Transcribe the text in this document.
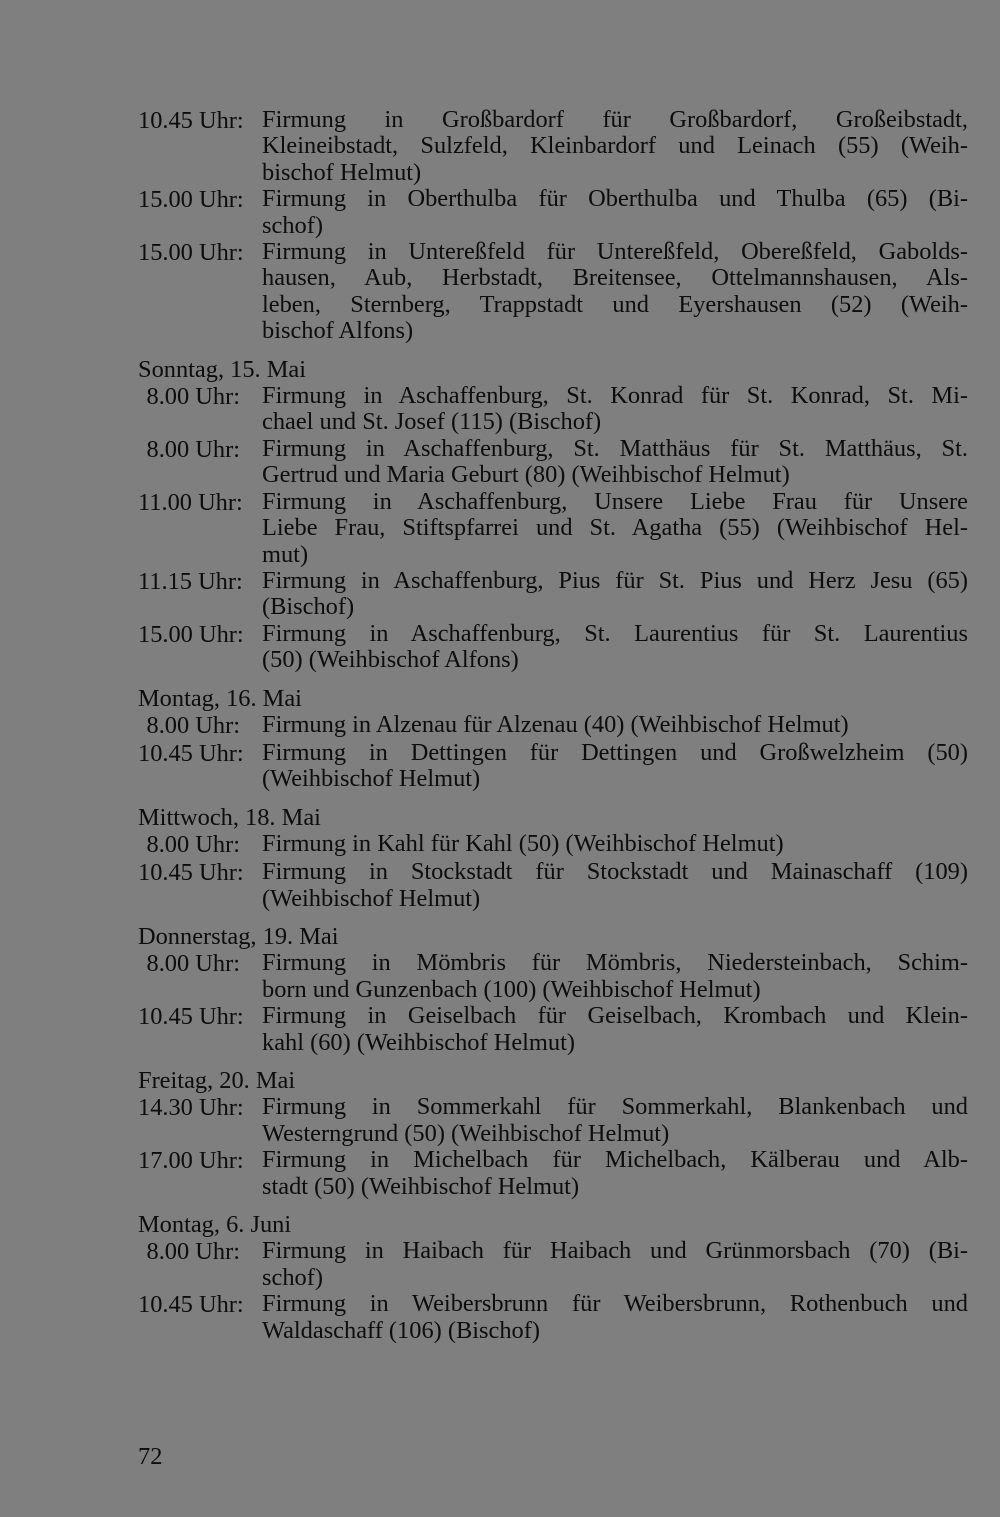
10.45 Uhr: Firmung in Großbardorf für Großbardorf, Großeibstadt,
Kleineibstadt, Sulzfeld, Kleinbardorf und Leinach (55) (Weih-
bischof Helmut)
15.00 Uhr: Firmung in Oberthulba für Oberthulba und Thulba (65) (Bi-
schof)
15.00 Uhr: Firmung in Untereßfeld für Untereßfeld, Obereßfeld, Gabolds-
hausen, Aub, Herbstadt, Breitensee, Ottelmannshausen, Als-
leben, Sternberg, Trappstadt und Eyershausen (52) (Weih-
bischof Alfons)
Sonntag, 15. Mai
8.00 Uhr: Firmung in Aschaffenburg, St. Konrad für St. Konrad, St. Mi-
chael und St. Josef (115) (Bischof)
8.00 Uhr: Firmung in Aschaffenburg, St. Matthäus für St. Matthäus, St.
Gertrud und Maria Geburt (80) (Weihbischof Helmut)
11.00 Uhr: Firmung in Aschaffenburg, Unsere Liebe Frau für Unsere
Liebe Frau, Stiftspfarrei und St. Agatha (55) (Weihbischof Hel-
mut)
11.15 Uhr: Firmung in Aschaffenburg, Pius für St. Pius und Herz Jesu (65)
(Bischof)
15.00 Uhr: Firmung in Aschaffenburg, St. Laurentius für St. Laurentius
(50) (Weihbischof Alfons)
Montag, 16. Mai
8.00 Uhr: Firmung in Alzenau für Alzenau (40) (Weihbischof Helmut)
10.45 Uhr: Firmung in Dettingen für Dettingen und Großwelzheim (50)
(Weihbischof Helmut)
Mittwoch, 18. Mai
8.00 Uhr: Firmung in Kahl für Kahl (50) (Weihbischof Helmut)
10.45 Uhr: Firmung in Stockstadt für Stockstadt und Mainaschaff (109)
(Weihbischof Helmut)
Donnerstag, 19. Mai
8.00 Uhr: Firmung in Mömbris für Mömbris, Niedersteinbach, Schim-
born und Gunzenbach (100) (Weihbischof Helmut)
10.45 Uhr: Firmung in Geiselbach für Geiselbach, Krombach und Klein-
kahl (60) (Weihbischof Helmut)
Freitag, 20. Mai
14.30 Uhr: Firmung in Sommerkahl für Sommerkahl, Blankenbach und
Westerngrund (50) (Weihbischof Helmut)
17.00 Uhr: Firmung in Michelbach für Michelbach, Kälberau und Alb-
stadt (50) (Weihbischof Helmut)
Montag, 6. Juni
8.00 Uhr: Firmung in Haibach für Haibach und Grünmorsbach (70) (Bi-
schof)
10.45 Uhr: Firmung in Weibersbrunn für Weibersbrunn, Rothenbuch und
Waldaschaff (106) (Bischof)
72
